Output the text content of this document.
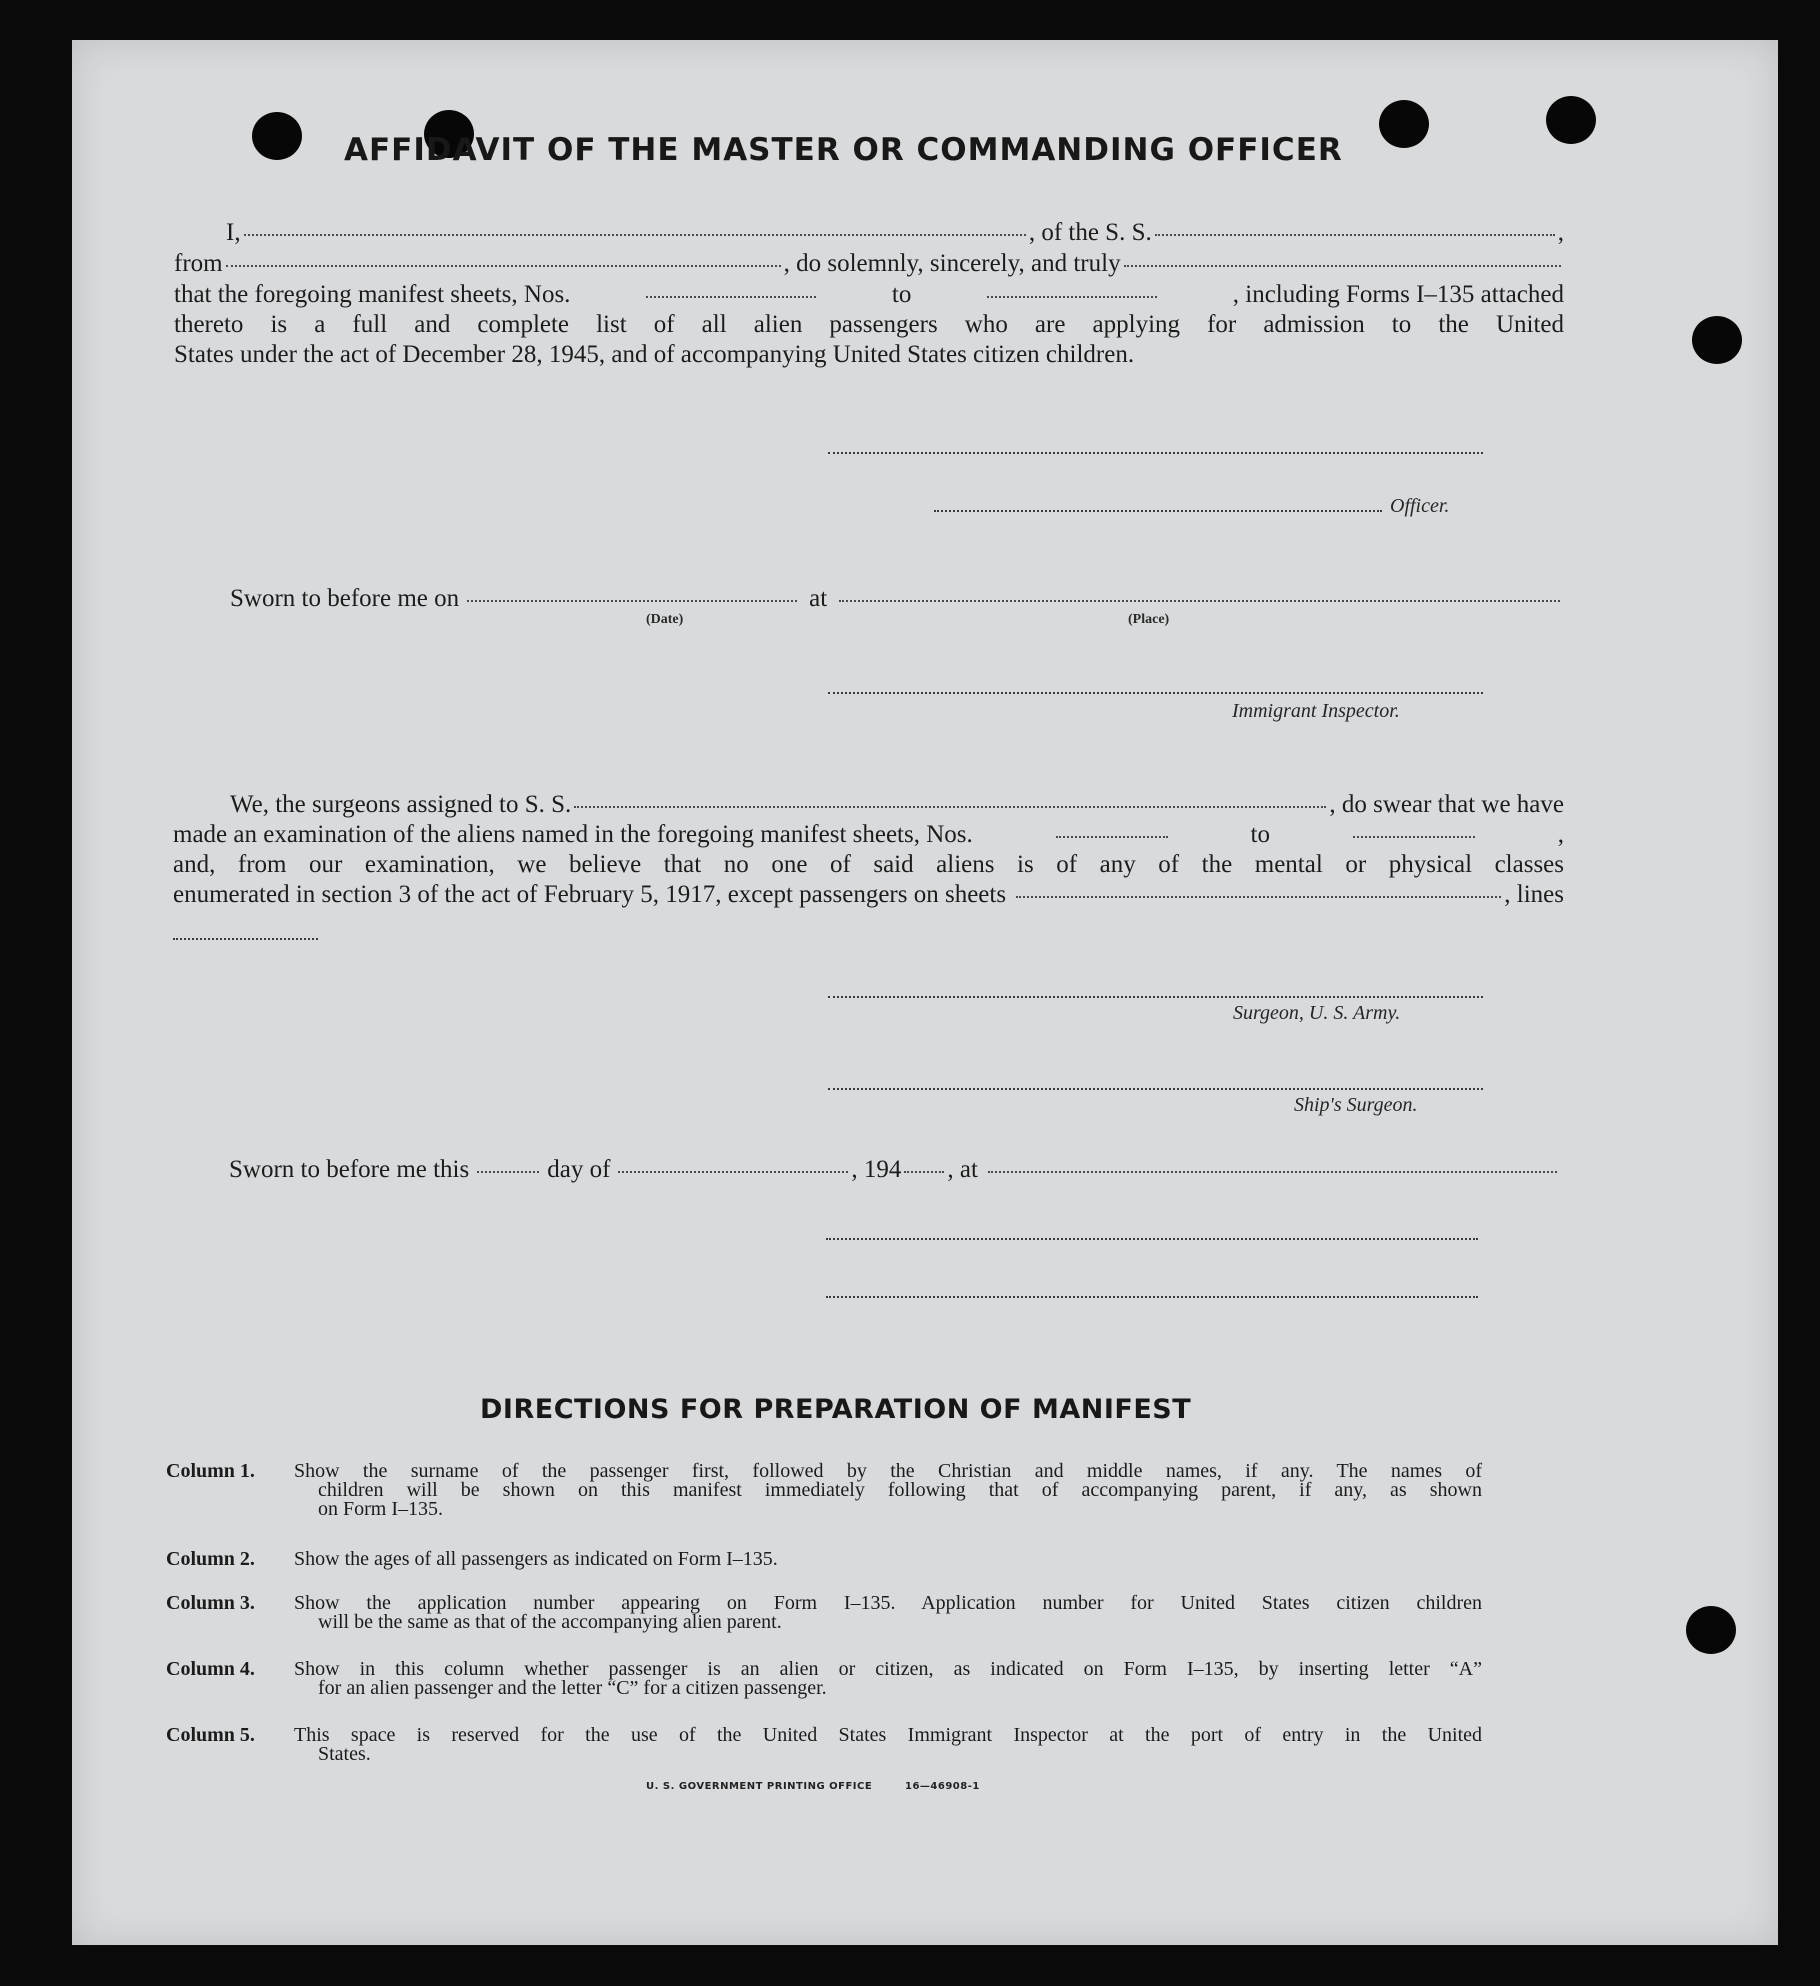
AFFIDAVIT OF THE MASTER OR COMMANDING OFFICER
I,	, of the S. S.	,
from	, do solemnly, sincerely, and truly
that the foregoing manifest sheets, Nos.	to	, including Forms I–135 attached
thereto is a full and complete list of all alien passengers who are applying for admission to the United
States under the act of December 28, 1945, and of accompanying United States citizen children.
Officer.
Sworn to before me on	at
(Date)	(Place)
Immigrant Inspector.
We, the surgeons assigned to S. S.	, do swear that we have
made an examination of the aliens named in the foregoing manifest sheets, Nos.	to	,
and, from our examination, we believe that no one of said aliens is of any of the mental or physical classes
enumerated in section 3 of the act of February 5, 1917, except passengers on sheets	, lines
Surgeon, U. S. Army.
Ship's Surgeon.
Sworn to before me this	day of	, 194 , at
DIRECTIONS FOR PREPARATION OF MANIFEST
Column 1. Show the surname of the passenger first, followed by the Christian and middle names, if any. The names of
children will be shown on this manifest immediately following that of accompanying parent, if any, as shown
on Form I–135.
Column 2. Show the ages of all passengers as indicated on Form I–135.
Column 3. Show the application number appearing on Form I–135. Application number for United States citizen children
will be the same as that of the accompanying alien parent.
Column 4. Show in this column whether passenger is an alien or citizen, as indicated on Form I–135, by inserting letter “A”
for an alien passenger and the letter “C” for a citizen passenger.
Column 5. This space is reserved for the use of the United States Immigrant Inspector at the port of entry in the United
States.
U. S. GOVERNMENT PRINTING OFFICE	16—46908-1
